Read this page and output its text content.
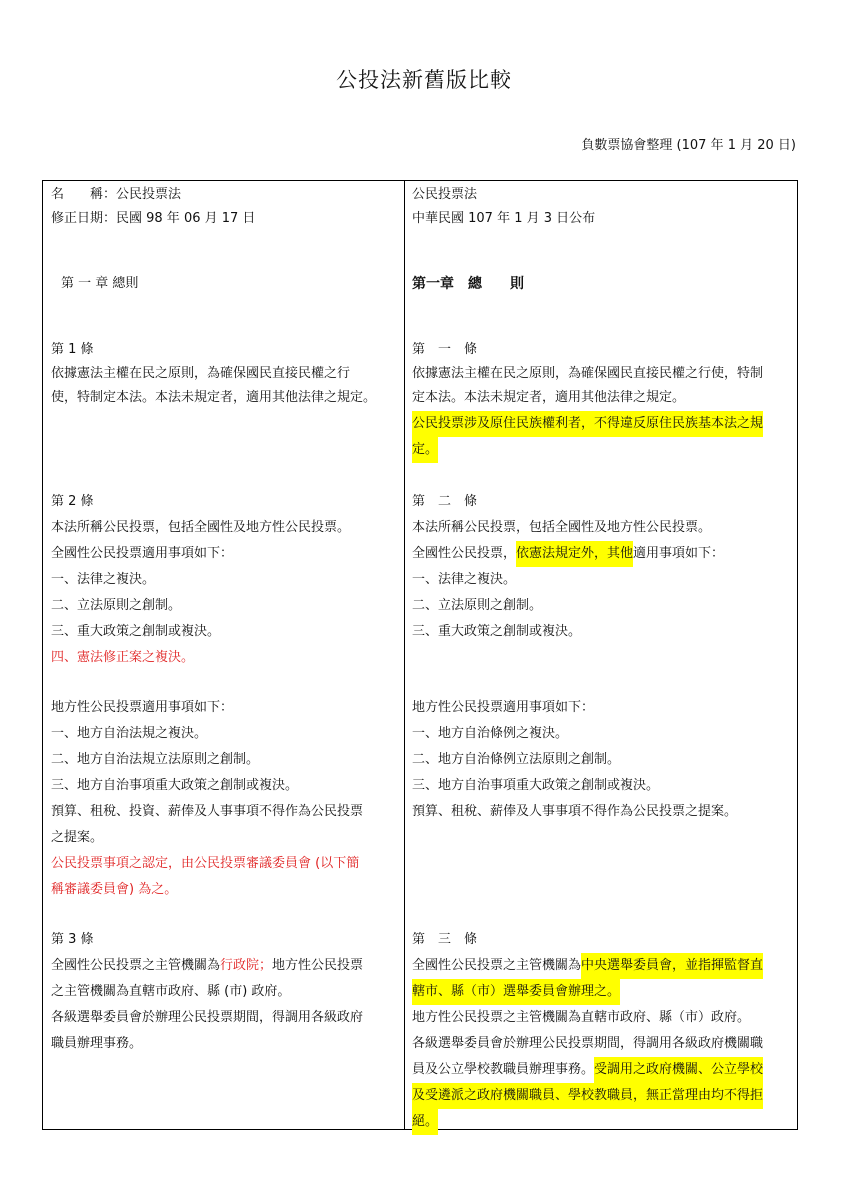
公投法新舊版比較
負數票協會整理 (107 年 1 月 20 日)
名　　稱：公民投票法
修正日期：民國 98 年 06 月 17 日
第 一 章 總則
第 1 條
依據憲法主權在民之原則，為確保國民直接民權之行
使，特制定本法。本法未規定者，適用其他法律之規定。
第 2 條
本法所稱公民投票，包括全國性及地方性公民投票。
全國性公民投票適用事項如下：
一、法律之複決。
二、立法原則之創制。
三、重大政策之創制或複決。
四、憲法修正案之複決。
地方性公民投票適用事項如下：
一、地方自治法規之複決。
二、地方自治法規立法原則之創制。
三、地方自治事項重大政策之創制或複決。
預算、租稅、投資、薪俸及人事事項不得作為公民投票
之提案。
公民投票事項之認定，由公民投票審議委員會 (以下簡
稱審議委員會) 為之。
第 3 條
全國性公民投票之主管機關為行政院；地方性公民投票
之主管機關為直轄市政府、縣 (市) 政府。
各級選舉委員會於辦理公民投票期間，得調用各級政府
職員辦理事務。
公民投票法
中華民國 107 年 1 月 3 日公布
第一章　總　　則
第　一　條
依據憲法主權在民之原則，為確保國民直接民權之行使，特制
定本法。本法未規定者，適用其他法律之規定。
公民投票涉及原住民族權利者，不得違反原住民族基本法之規
定。
第　二　條
本法所稱公民投票，包括全國性及地方性公民投票。
全國性公民投票，依憲法規定外，其他適用事項如下：
一、法律之複決。
二、立法原則之創制。
三、重大政策之創制或複決。
地方性公民投票適用事項如下：
一、地方自治條例之複決。
二、地方自治條例立法原則之創制。
三、地方自治事項重大政策之創制或複決。
預算、租稅、薪俸及人事事項不得作為公民投票之提案。
第　三　條
全國性公民投票之主管機關為中央選舉委員會，並指揮監督直
轄市、縣（市）選舉委員會辦理之。
地方性公民投票之主管機關為直轄市政府、縣（市）政府。
各級選舉委員會於辦理公民投票期間，得調用各級政府機關職
員及公立學校教職員辦理事務。受調用之政府機關、公立學校
及受遴派之政府機關職員、學校教職員，無正當理由均不得拒
絕。
